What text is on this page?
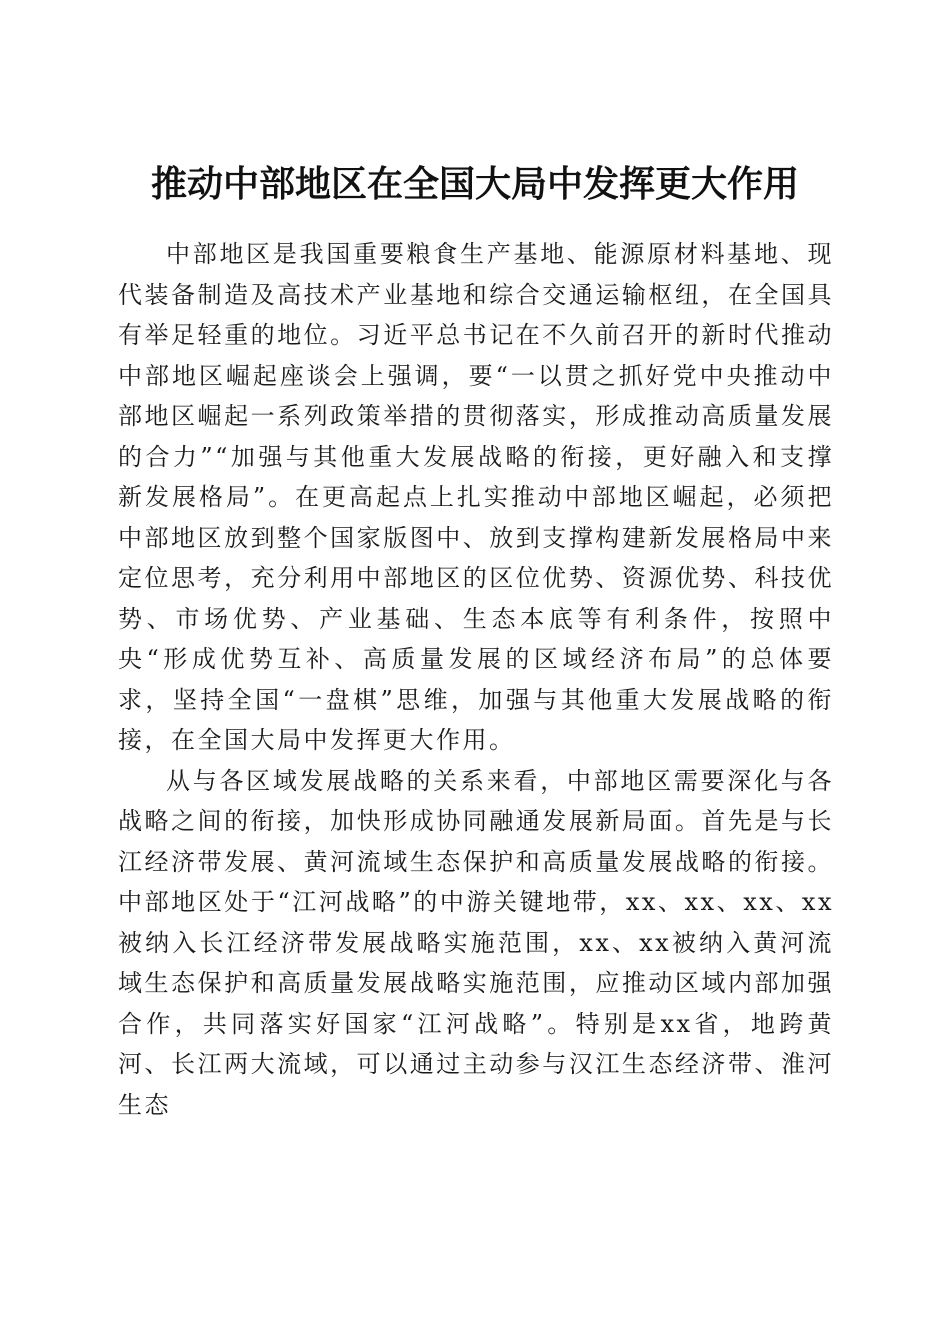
推动中部地区在全国大局中发挥更大作用

中部地区是我国重要粮食生产基地、能源原材料基地、现代装备制造及高技术产业基地和综合交通运输枢纽，在全国具有举足轻重的地位。习近平总书记在不久前召开的新时代推动中部地区崛起座谈会上强调，要“一以贯之抓好党中央推动中部地区崛起一系列政策举措的贯彻落实，形成推动高质量发展的合力”“加强与其他重大发展战略的衔接，更好融入和支撑新发展格局”。在更高起点上扎实推动中部地区崛起，必须把中部地区放到整个国家版图中、放到支撑构建新发展格局中来定位思考，充分利用中部地区的区位优势、资源优势、科技优势、市场优势、产业基础、生态本底等有利条件，按照中央“形成优势互补、高质量发展的区域经济布局”的总体要求，坚持全国“一盘棋”思维，加强与其他重大发展战略的衔接，在全国大局中发挥更大作用。

从与各区域发展战略的关系来看，中部地区需要深化与各战略之间的衔接，加快形成协同融通发展新局面。首先是与长江经济带发展、黄河流域生态保护和高质量发展战略的衔接。中部地区处于“江河战略”的中游关键地带，xx、xx、xx、xx被纳入长江经济带发展战略实施范围，xx、xx被纳入黄河流域生态保护和高质量发展战略实施范围，应推动区域内部加强合作，共同落实好国家“江河战略”。特别是xx省，地跨黄河、长江两大流域，可以通过主动参与汉江生态经济带、淮河生态
